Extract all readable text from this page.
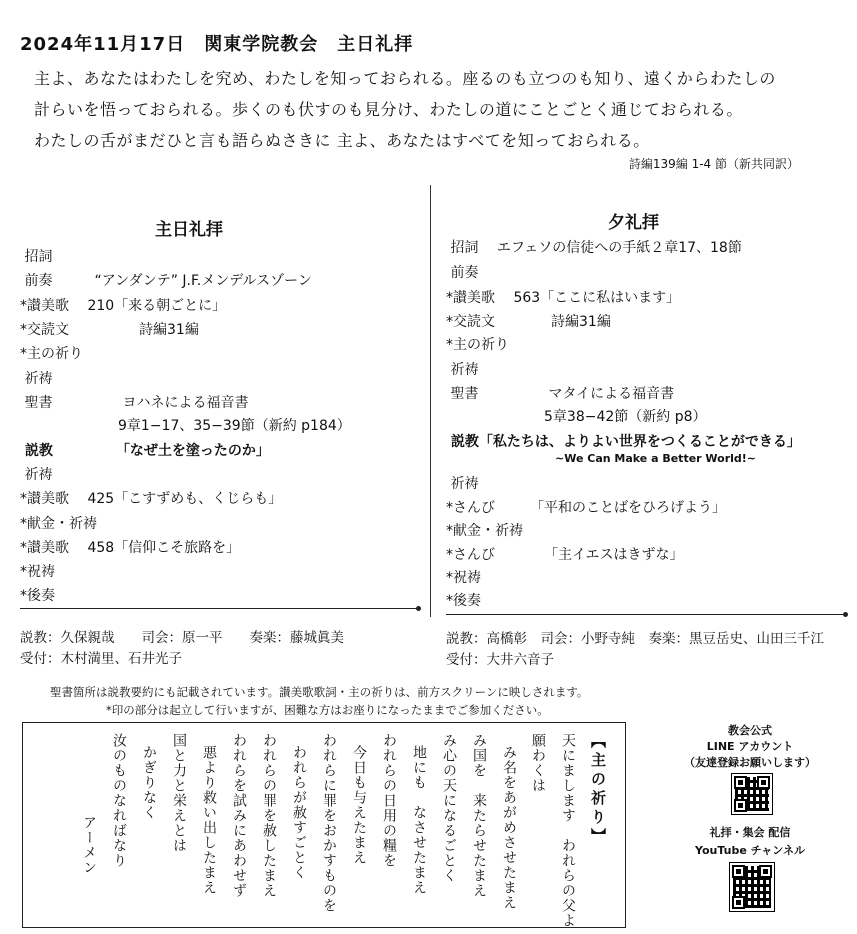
2024年11月17日　関東学院教会　主日礼拝
主よ、あなたはわたしを究め、わたしを知っておられる。座るのも立つのも知り、遠くからわたしの
計らいを悟っておられる。歩くのも伏すのも見分け、わたしの道にことごとく通じておられる。
わたしの舌がまだひと言も語らぬさきに 主よ、あなたはすべてを知っておられる。
詩編139編 1-4 節（新共同訳）
主日礼拝
招詞
前奏　　　“アンダンテ” J.F.メンデルスゾーン
*讃美歌　 210「来る朝ごとに」
*交読文　　　　　詩編31編
*主の祈り
祈祷
聖書　　　　　ヨハネによる福音書
　　　　　　　9章1−17、35−39節（新約 p184）
説教　　　　　「なぜ土を塗ったのか」
祈祷
*讃美歌　 425「こすずめも、くじらも」
*献金・祈祷
*讃美歌　 458「信仰こそ旅路を」
*祝祷
*後奏
説教：久保親哉　　司会：原一平　　奏楽：藤城眞美
受付：木村満里、石井光子
夕礼拝
招詞　 エフェソの信徒への手紙２章17、18節
前奏
*讃美歌　 563「ここに私はいます」
*交読文　　　　詩編31編
*主の祈り
祈祷
聖書　　　　　マタイによる福音書
　　　　　　　5章38−42節（新約 p8）
説教「私たちは、よりよい世界をつくることができる」
~We Can Make a Better World!~
祈祷
*さんび　　　「平和のことばをひろげよう」
*献金・祈祷
*さんび　　　　「主イエスはきずな」
*祝祷
*後奏
説教：高橋彰　司会：小野寺純　奏楽：黒豆岳史、山田三千江
受付：大井六音子
聖書箇所は説教要約にも記載されています。讃美歌歌詞・主の祈りは、前方スクリーンに映しされます。
*印の部分は起立して行いますが、困難な方はお座りになったままでご参加ください。
【主の祈り】
天にまします　われらの父よ
願わくは
み名をあがめさせたまえ
み国を　来たらせたまえ
み心の天になるごとく
地にも　なさせたまえ
われらの日用の糧を
今日も与えたまえ
われらに罪をおかすものを
われらが赦すごとく
われらの罪を赦したまえ
われらを試みにあわせず
悪より救い出したまえ
国と力と栄えとは
かぎりなく
汝のものなればなり
アーメン
教会公式
LINE アカウント
（友達登録お願いします）
礼拝・集会 配信
YouTube チャンネル
